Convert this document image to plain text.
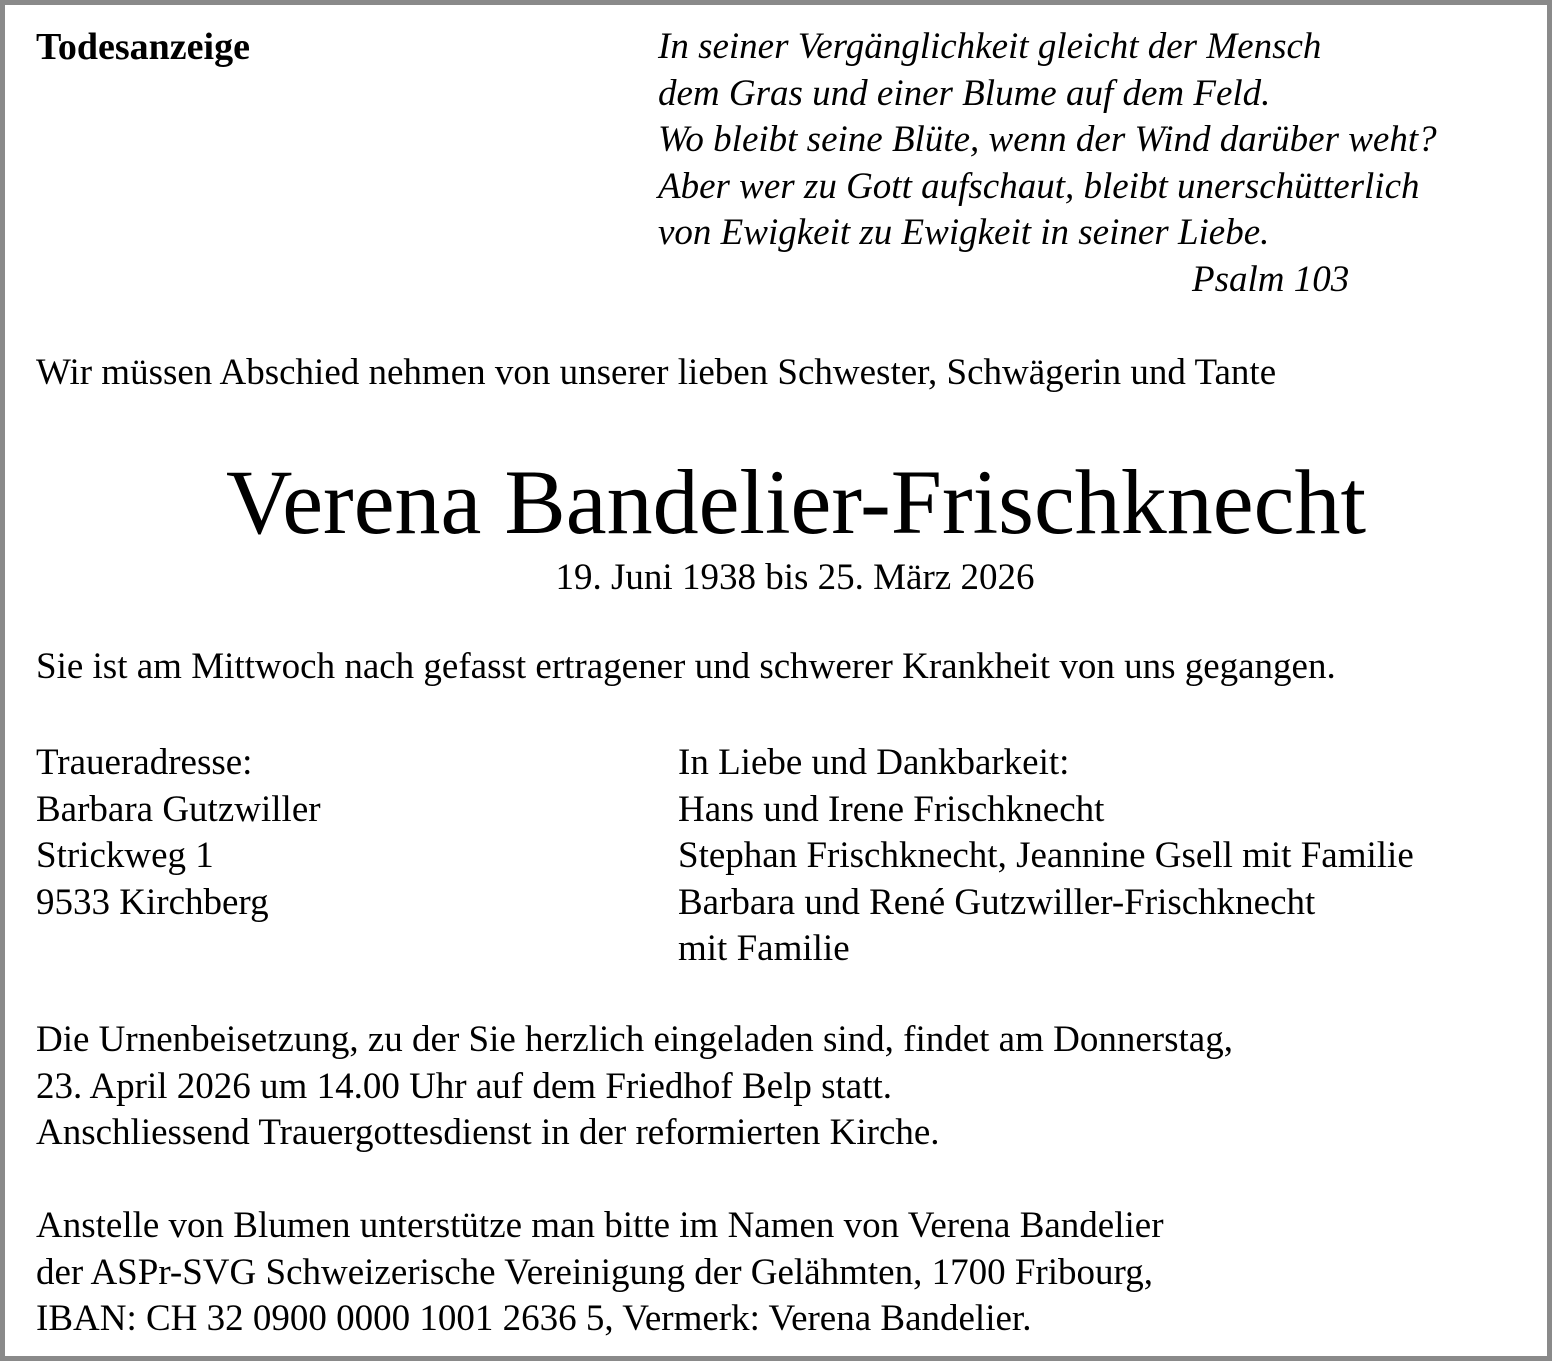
Todesanzeige	In seiner Vergänglichkeit gleicht der Mensch
dem Gras und einer Blume auf dem Feld.
Wo bleibt seine Blüte, wenn der Wind darüber weht?
Aber wer zu Gott aufschaut, bleibt unerschütterlich
von Ewigkeit zu Ewigkeit in seiner Liebe.
Psalm 103
Wir müssen Abschied nehmen von unserer lieben Schwester, Schwägerin und Tante
Verena Bandelier-Frischknecht
19. Juni 1938 bis 25. März 2026
Sie ist am Mittwoch nach gefasst ertragener und schwerer Krankheit von uns gegangen.
Traueradresse:
Barbara Gutzwiller
Strickweg 1
9533 Kirchberg
In Liebe und Dankbarkeit:
Hans und Irene Frischknecht
Stephan Frischknecht, Jeannine Gsell mit Familie
Barbara und René Gutzwiller-Frischknecht
mit Familie
Die Urnenbeisetzung, zu der Sie herzlich eingeladen sind, findet am Donnerstag,
23. April 2026 um 14.00 Uhr auf dem Friedhof Belp statt.
Anschliessend Trauergottesdienst in der reformierten Kirche.
Anstelle von Blumen unterstütze man bitte im Namen von Verena Bandelier
der ASPr-SVG Schweizerische Vereinigung der Gelähmten, 1700 Fribourg,
IBAN: CH 32 0900 0000 1001 2636 5, Vermerk: Verena Bandelier.
